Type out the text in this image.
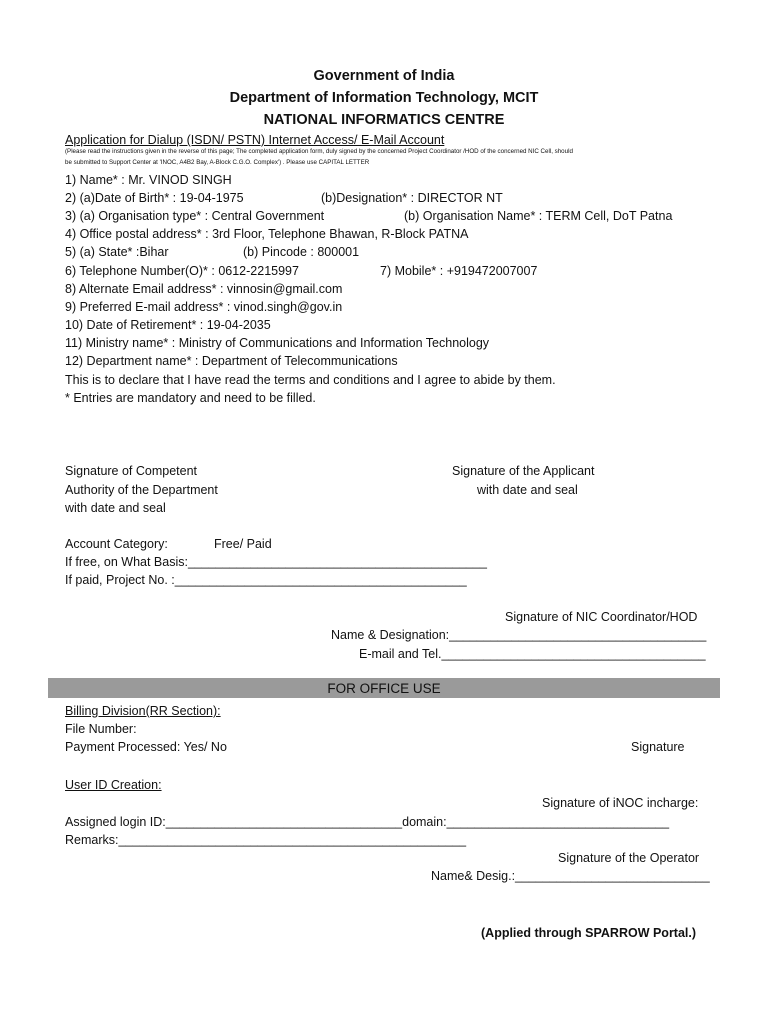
Government of India
Department of Information Technology, MCIT
NATIONAL INFORMATICS CENTRE
Application for Dialup (ISDN/ PSTN) Internet Access/ E-Mail Account
(Please read the instructions given in the reverse of this page; The completed application form, duly signed by the concerned Project Coordinator /HOD of the concerned NIC Cell, should
be submitted to Support Center at 'INOC, A4B2 Bay, A-Block C.G.O. Complex') . Please use CAPITAL LETTER
1) Name* : Mr. VINOD SINGH
2) (a)Date of Birth* : 19-04-1975	(b)Designation* : DIRECTOR NT
3) (a) Organisation type* : Central Government	(b) Organisation Name* : TERM Cell, DoT Patna
4) Office postal address* : 3rd Floor, Telephone Bhawan, R-Block PATNA
5) (a) State* :Bihar	(b) Pincode : 800001
6) Telephone Number(O)* : 0612-2215997	7) Mobile* : +919472007007
8) Alternate Email address* : vinnosin@gmail.com
9) Preferred E-mail address* : vinod.singh@gov.in
10) Date of Retirement* : 19-04-2035
11) Ministry name* : Ministry of Communications and Information Technology
12) Department name* : Department of Telecommunications
This is to declare that I have read the terms and conditions and I agree to abide by them.
* Entries are mandatory and need to be filled.
Signature of Competent
Authority of the Department
with date and seal
Signature of the Applicant
with date and seal
Account Category:	Free/ Paid
If free, on What Basis:___________________________________________
If paid, Project No. :__________________________________________
Signature of NIC Coordinator/HOD
Name & Designation:_____________________________________
E-mail and Tel.______________________________________
FOR OFFICE USE
Billing Division(RR Section):
File Number:
Payment Processed: Yes/ No	Signature
User ID Creation:
Signature of iNOC incharge:
Assigned login ID:__________________________________domain:________________________________
Remarks:__________________________________________________
Signature of the Operator
Name& Desig.:____________________________
(Applied through SPARROW Portal.)
